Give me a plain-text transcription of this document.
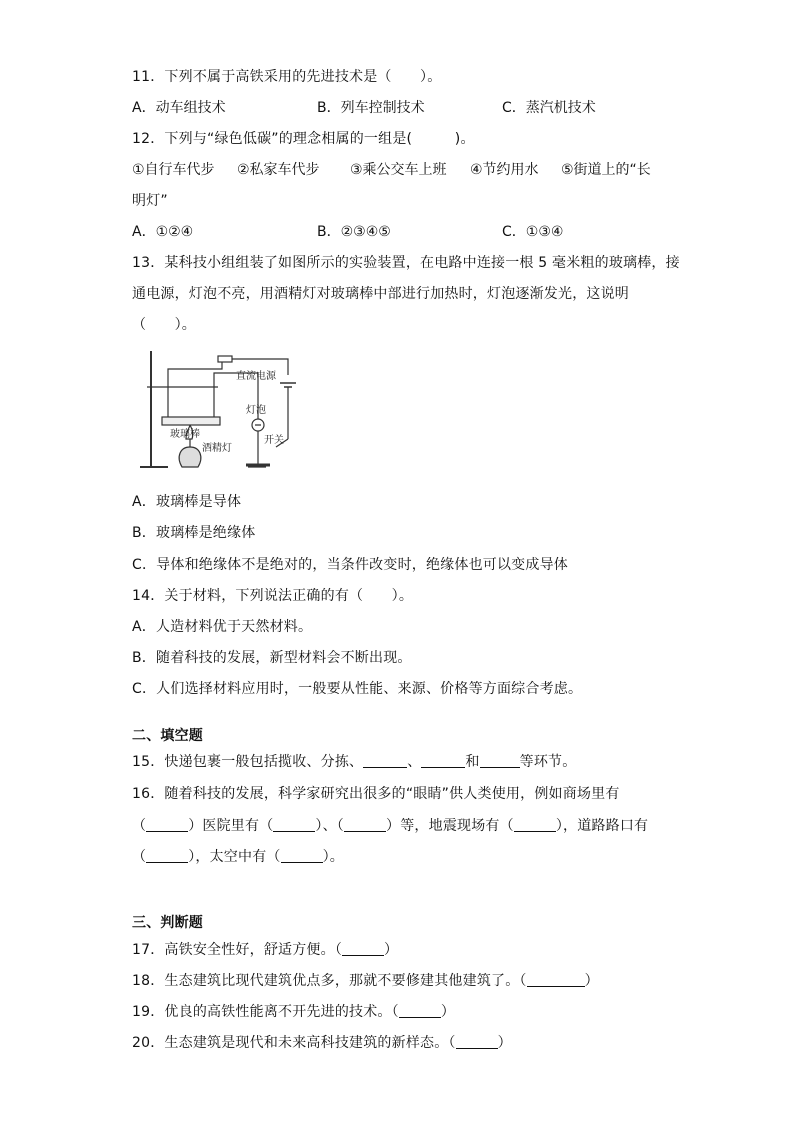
11．下列不属于高铁采用的先进技术是（　　）。
A．动车组技术	B．列车控制技术	C．蒸汽机技术
12．下列与“绿色低碳”的理念相属的一组是(　　　)。
①自行车代步 ②私家车代步 ③乘公交车上班 ④节约用水 ⑤街道上的“长
明灯”
A．①②④	B．②③④⑤	C．①③④
13．某科技小组组装了如图所示的实验装置，在电路中连接一根 5 毫米粗的玻璃棒，接
通电源，灯泡不亮，用酒精灯对玻璃棒中部进行加热时，灯泡逐渐发光，这说明
（　　）。
直流电源
玻璃棒
灯泡
酒精灯
开关
A．玻璃棒是导体
B．玻璃棒是绝缘体
C．导体和绝缘体不是绝对的，当条件改变时，绝缘体也可以变成导体
14．关于材料，下列说法正确的有（　　）。
A．人造材料优于天然材料。
B．随着科技的发展，新型材料会不断出现。
C．人们选择材料应用时，一般要从性能、来源、价格等方面综合考虑。
二、填空题
15．快递包裹一般包括揽收、分拣、	、	和	等环节。
16．随着科技的发展，科学家研究出很多的“眼睛”供人类使用，例如商场里有
（	）医院里有（	）、（	）等，地震现场有（	），道路路口有
（	），太空中有（	）。
三、判断题
17．高铁安全性好，舒适方便。（	）
18．生态建筑比现代建筑优点多，那就不要修建其他建筑了。（	）
19．优良的高铁性能离不开先进的技术。（	）
20．生态建筑是现代和未来高科技建筑的新样态。（	）
